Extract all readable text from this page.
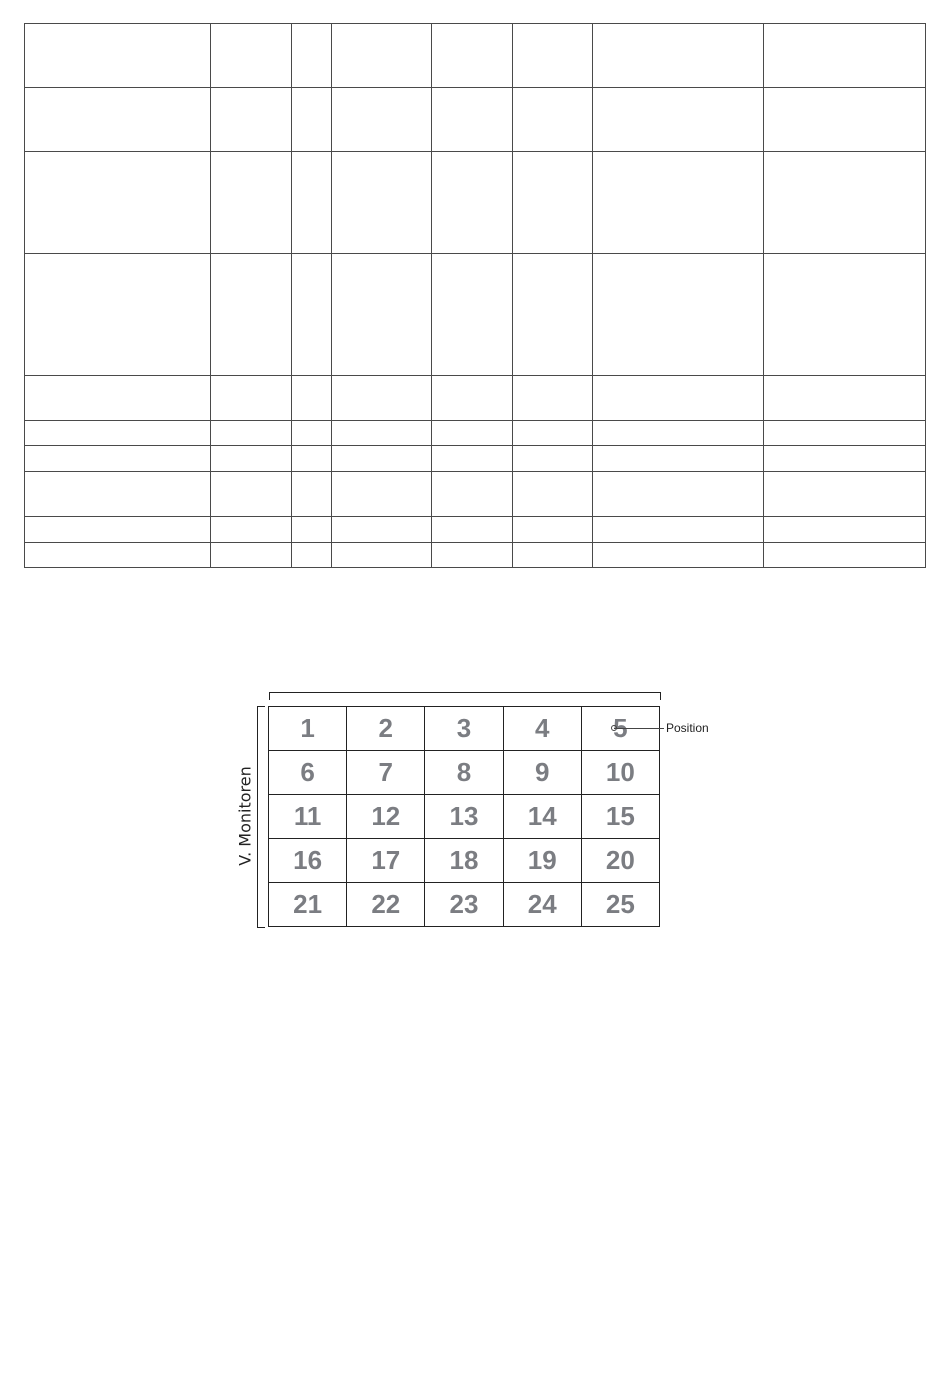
V. Monitoren
1	2	3	4	5
6	7	8	9	10
11	12	13	14	15
16	17	18	19	20
21	22	23	24	25
Position
